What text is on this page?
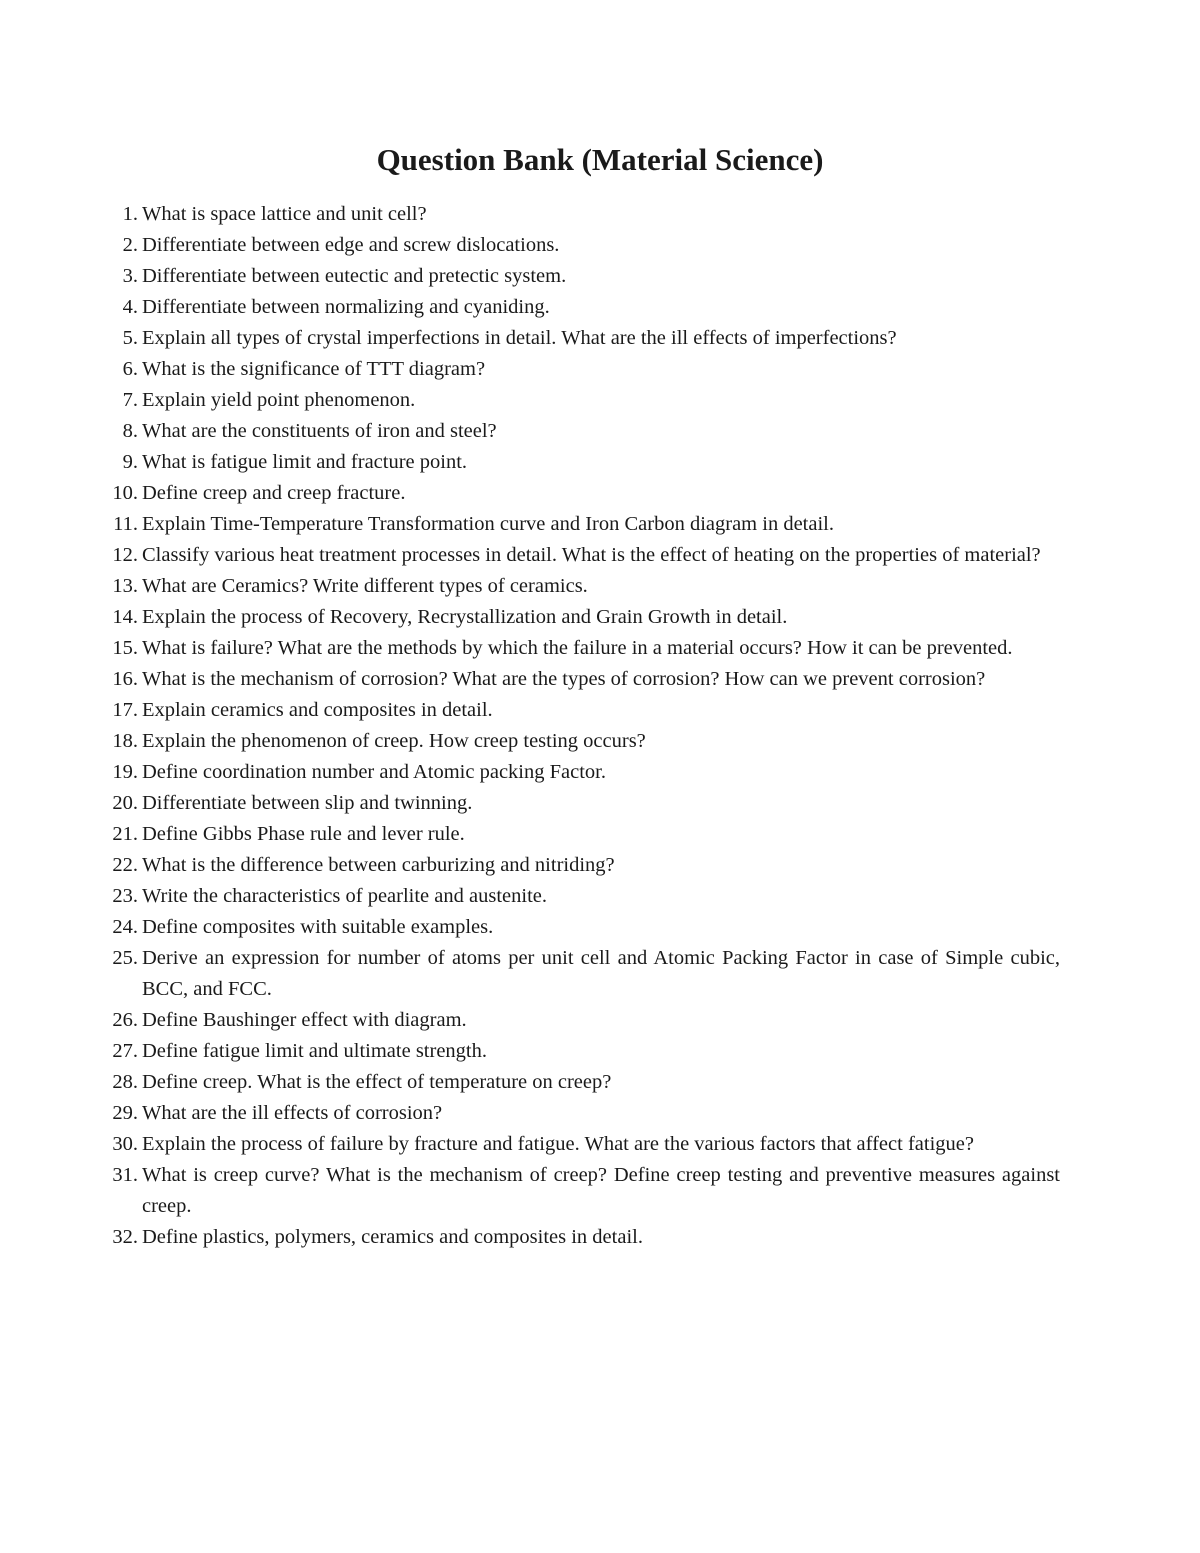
Question Bank (Material Science)
1. What is space lattice and unit cell?
2. Differentiate between edge and screw dislocations.
3. Differentiate between eutectic and pretectic system.
4. Differentiate between normalizing and cyaniding.
5. Explain all types of crystal imperfections in detail. What are the ill effects of imperfections?
6. What is the significance of TTT diagram?
7. Explain yield point phenomenon.
8. What are the constituents of iron and steel?
9. What is fatigue limit and fracture point.
10. Define creep and creep fracture.
11. Explain Time-Temperature Transformation curve and Iron Carbon diagram in detail.
12. Classify various heat treatment processes in detail. What is the effect of heating on the properties of material?
13. What are Ceramics? Write different types of ceramics.
14. Explain the process of Recovery, Recrystallization and Grain Growth in detail.
15. What is failure? What are the methods by which the failure in a material occurs? How it can be prevented.
16. What is the mechanism of corrosion? What are the types of corrosion? How can we prevent corrosion?
17. Explain ceramics and composites in detail.
18. Explain the phenomenon of creep. How creep testing occurs?
19. Define coordination number and Atomic packing Factor.
20. Differentiate between slip and twinning.
21. Define Gibbs Phase rule and lever rule.
22. What is the difference between carburizing and nitriding?
23. Write the characteristics of pearlite and austenite.
24. Define composites with suitable examples.
25. Derive an expression for number of atoms per unit cell and Atomic Packing Factor in case of Simple cubic, BCC, and FCC.
26. Define Baushinger effect with diagram.
27. Define fatigue limit and ultimate strength.
28. Define creep. What is the effect of temperature on creep?
29. What are the ill effects of corrosion?
30. Explain the process of failure by fracture and fatigue. What are the various factors that affect fatigue?
31. What is creep curve? What is the mechanism of creep? Define creep testing and preventive measures against creep.
32. Define plastics, polymers, ceramics and composites in detail.
